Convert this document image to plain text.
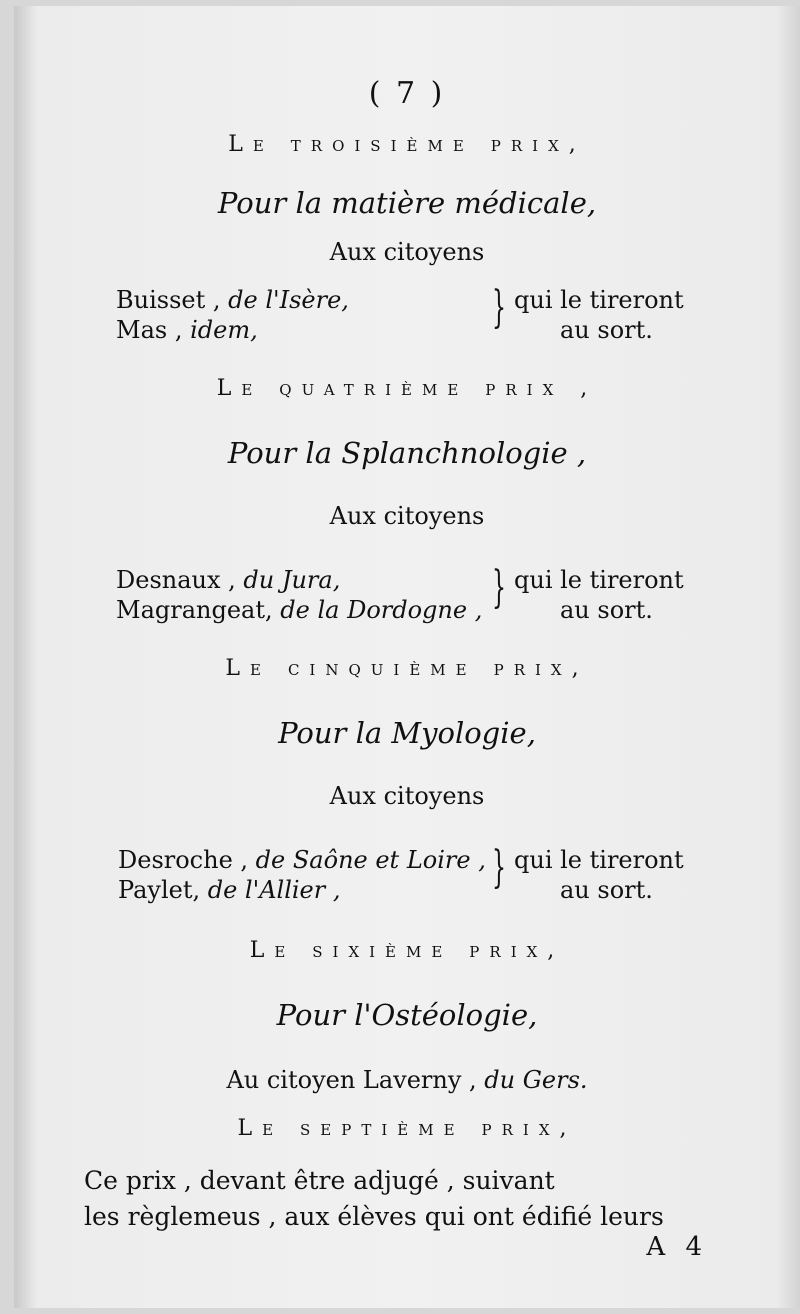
( 7 )
Le troisième prix,
Pour la matière médicale,
Aux citoyens
Buisset , de l'Isère,
Mas , idem,	} qui le tireront
au sort.
Le quatrième prix ,
Pour la Splanchnologie ,
Aux citoyens
Desnaux , du Jura,
Magrangeat, de la Dordogne , } qui le tireront
au sort.
Le cinquième prix,
Pour la Myologie,
Aux citoyens
Desroche , de Saône et Loire ,
Paylet, de l'Allier ,	} qui le tireront
au sort.
Le sixième prix,
Pour l'Ostéologie,
Au citoyen Laverny , du Gers.
Le septième prix,
Ce prix , devant être adjugé , suivant
les règlemeus , aux élèves qui ont édifié leurs
A 4
